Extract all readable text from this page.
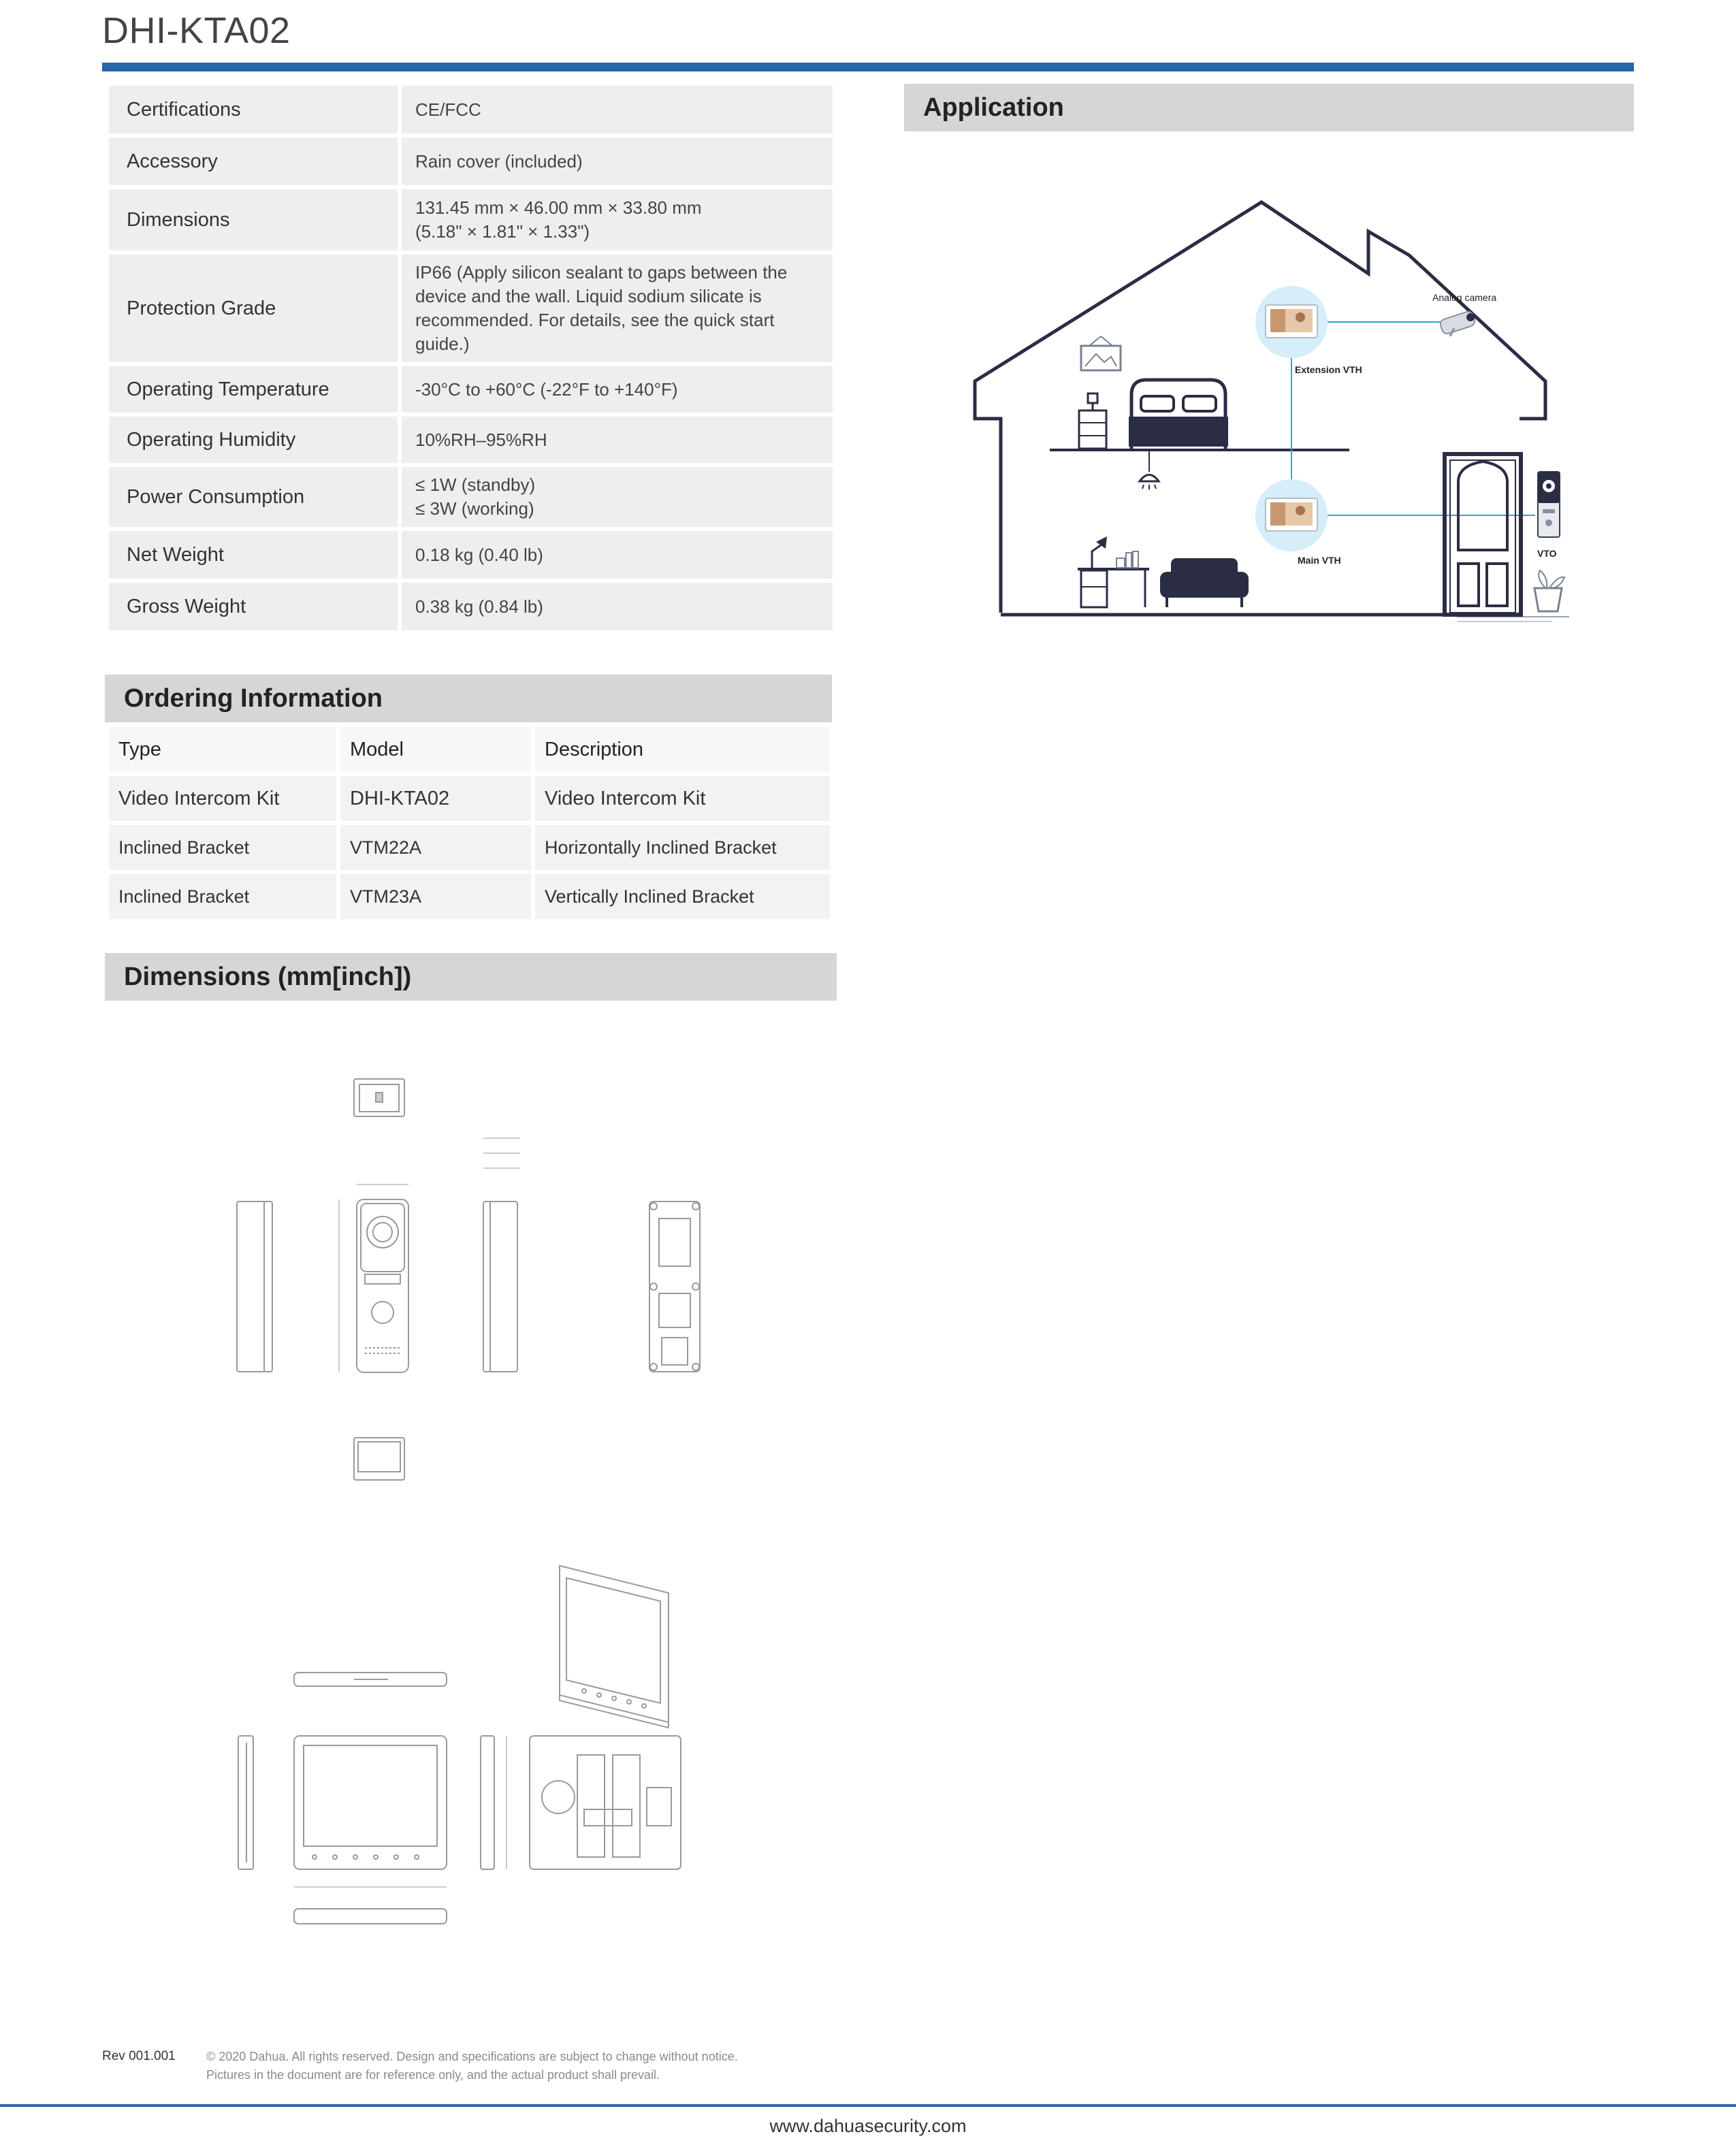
DHI-KTA02
Certifications	CE/FCC

Accessory	Rain cover (included)

Dimensions	131.45 mm × 46.00 mm × 33.80 mm
(5.18" × 1.81" × 1.33")

Protection Grade	IP66 (Apply silicon sealant to gaps between the
device and the wall. Liquid sodium silicate is
recommended. For details, see the quick start
guide.)

Operating Temperature	-30°C to +60°C (-22°F to +140°F)

Operating Humidity	10%RH–95%RH

Power Consumption	≤ 1W (standby)
≤ 3W (working)

Net Weight	0.18 kg (0.40 lb)

Gross Weight	0.38 kg (0.84 lb)
Application
Analog camera
Extension VTH
Main VTH
VTO
Ordering Information
Type	Model	Description
Video Intercom Kit	DHI-KTA02	Video Intercom Kit
Inclined Bracket	VTM22A	Horizontally Inclined Bracket
Inclined Bracket	VTM23A	Vertically Inclined Bracket
Dimensions (mm[inch])
Rev 001.001	© 2020 Dahua. All rights reserved. Design and specifications are subject to change without notice.
Pictures in the document are for reference only, and the actual product shall prevail.
www.dahuasecurity.com
